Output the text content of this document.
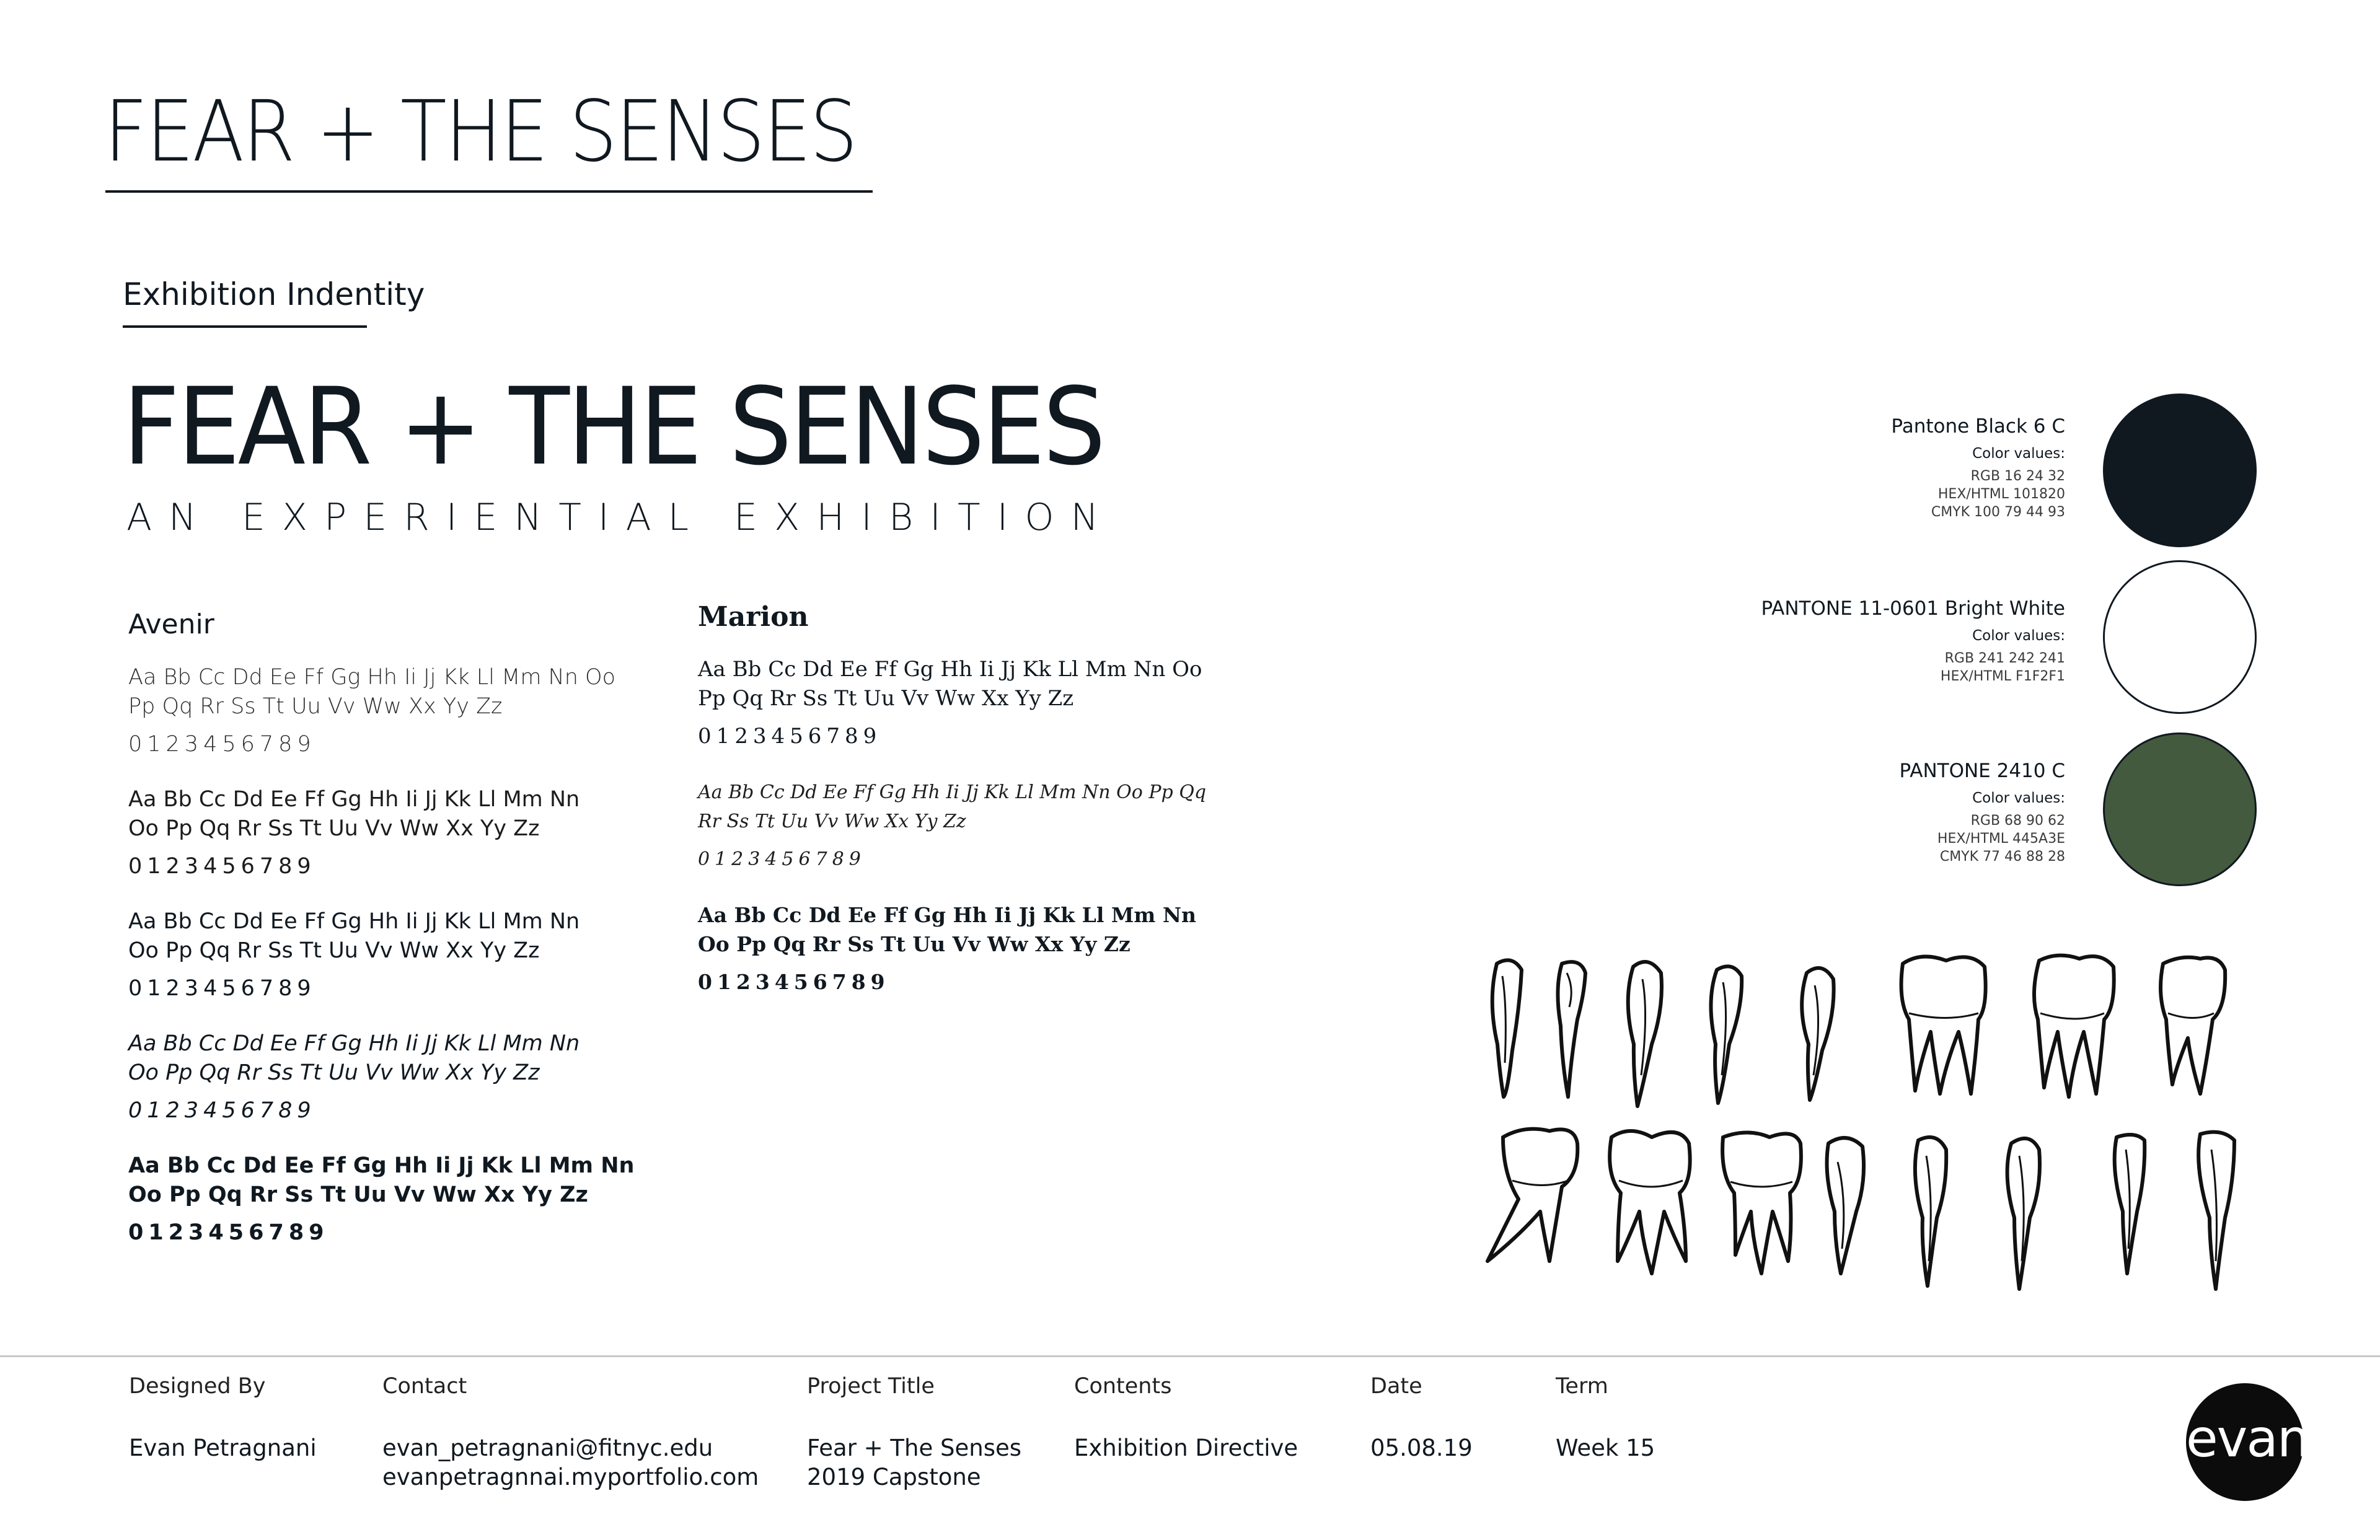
FEAR + THE SENSES
Exhibition Indentity
FEAR + THE SENSES
AN EXPERIENTIAL EXHIBITION
Avenir
Aa Bb Cc Dd Ee Ff Gg Hh Ii Jj Kk Ll Mm Nn Oo
Pp Qq Rr Ss Tt Uu Vv Ww Xx Yy Zz
0123456789
Aa Bb Cc Dd Ee Ff Gg Hh Ii Jj Kk Ll Mm Nn
Oo Pp Qq Rr Ss Tt Uu Vv Ww Xx Yy Zz
0123456789
Aa Bb Cc Dd Ee Ff Gg Hh Ii Jj Kk Ll Mm Nn
Oo Pp Qq Rr Ss Tt Uu Vv Ww Xx Yy Zz
0123456789
Aa Bb Cc Dd Ee Ff Gg Hh Ii Jj Kk Ll Mm Nn
Oo Pp Qq Rr Ss Tt Uu Vv Ww Xx Yy Zz
0123456789
Aa Bb Cc Dd Ee Ff Gg Hh Ii Jj Kk Ll Mm Nn
Oo Pp Qq Rr Ss Tt Uu Vv Ww Xx Yy Zz
0123456789
Marion
Aa Bb Cc Dd Ee Ff Gg Hh Ii Jj Kk Ll Mm Nn Oo
Pp Qq Rr Ss Tt Uu Vv Ww Xx Yy Zz
0123456789
Aa Bb Cc Dd Ee Ff Gg Hh Ii Jj Kk Ll Mm Nn Oo Pp Qq
Rr Ss Tt Uu Vv Ww Xx Yy Zz
0123456789
Aa Bb Cc Dd Ee Ff Gg Hh Ii Jj Kk Ll Mm Nn
Oo Pp Qq Rr Ss Tt Uu Vv Ww Xx Yy Zz
0123456789
Pantone Black 6 C
Color values:
RGB 16 24 32
HEX/HTML 101820
CMYK 100 79 44 93
PANTONE 11-0601 Bright White
Color values:
RGB 241 242 241
HEX/HTML F1F2F1
PANTONE 2410 C
Color values:
RGB 68 90 62
HEX/HTML 445A3E
CMYK 77 46 88 28
Designed By
Evan Petragnani
Contact
evan_petragnani@fitnyc.edu
evanpetragnnai.myportfolio.com
Project Title
Fear + The Senses
2019 Capstone
Contents
Exhibition Directive
Date
05.08.19
Term
Week 15	evan
